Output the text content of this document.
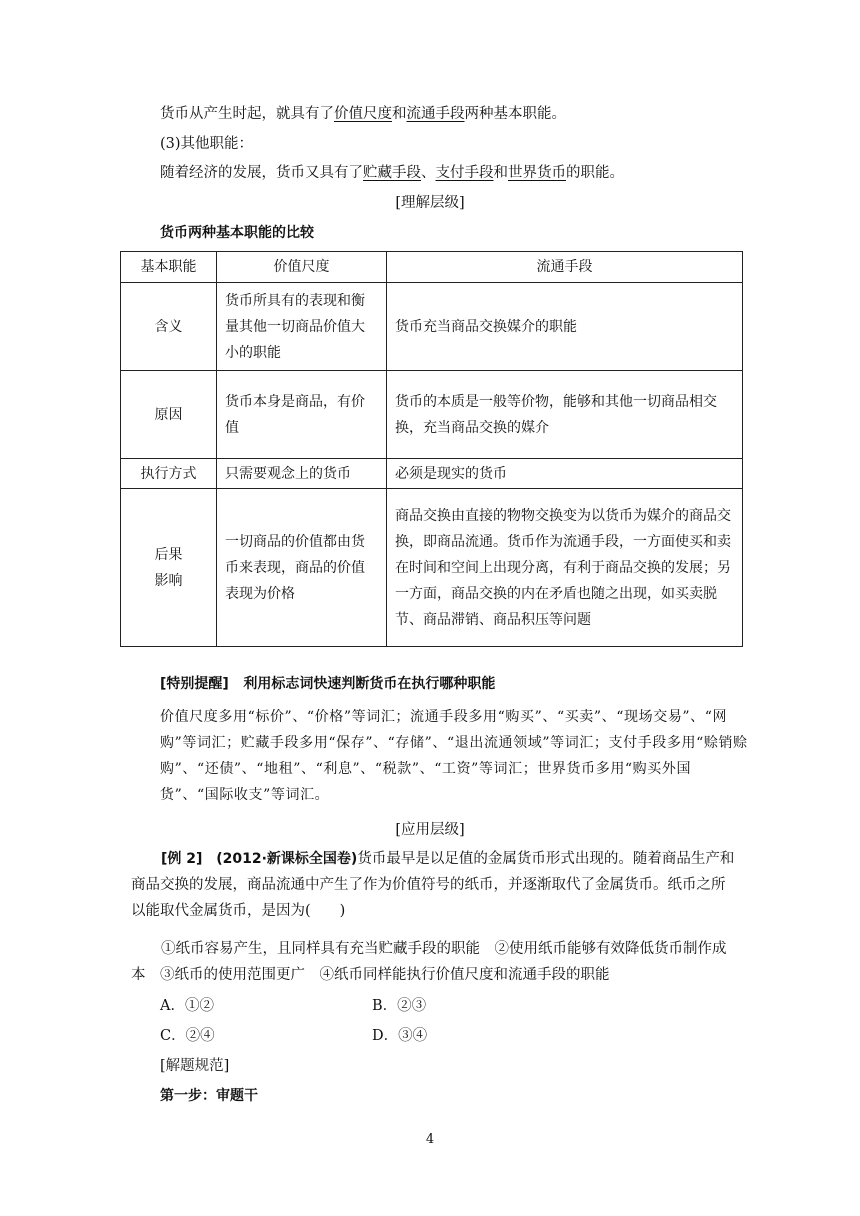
货币从产生时起，就具有了价值尺度和流通手段两种基本职能。
(3)其他职能：
随着经济的发展，货币又具有了贮藏手段、支付手段和世界货币的职能。
[理解层级]
货币两种基本职能的比较
基本职能	价值尺度	流通手段
含义	货币所具有的表现和衡量其他一切商品价值大小的职能	货币充当商品交换媒介的职能
原因	货币本身是商品，有价值	货币的本质是一般等价物，能够和其他一切商品相交换，充当商品交换的媒介
执行方式	只需要观念上的货币	必须是现实的货币

后果
影响	一切商品的价值都由货币来表现，商品的价值表现为价格	商品交换由直接的物物交换变为以货币为媒介的商品交换，即商品流通。货币作为流通手段，一方面使买和卖在时间和空间上出现分离，有利于商品交换的发展；另一方面，商品交换的内在矛盾也随之出现，如买卖脱节、商品滞销、商品积压等问题
[特别提醒] 利用标志词快速判断货币在执行哪种职能
价值尺度多用“标价”、“价格”等词汇；流通手段多用“购买”、“买卖”、“现场交易”、“网购”等词汇；贮藏手段多用“保存”、“存储”、“退出流通领域”等词汇；支付手段多用“赊销赊购”、“还债”、“地租”、“利息”、“税款”、“工资”等词汇；世界货币多用“购买外国货”、“国际收支”等词汇。
[应用层级]
[例 2] (2012·新课标全国卷)货币最早是以足值的金属货币形式出现的。随着商品生产和商品交换的发展，商品流通中产生了作为价值符号的纸币，并逐渐取代了金属货币。纸币之所以能取代金属货币，是因为(　　)
①纸币容易产生，且同样具有充当贮藏手段的职能　②使用纸币能够有效降低货币制作成本　③纸币的使用范围更广　④纸币同样能执行价值尺度和流通手段的职能
A．①②	B．②③
C．②④	D．③④
[解题规范]
第一步：审题干
4
